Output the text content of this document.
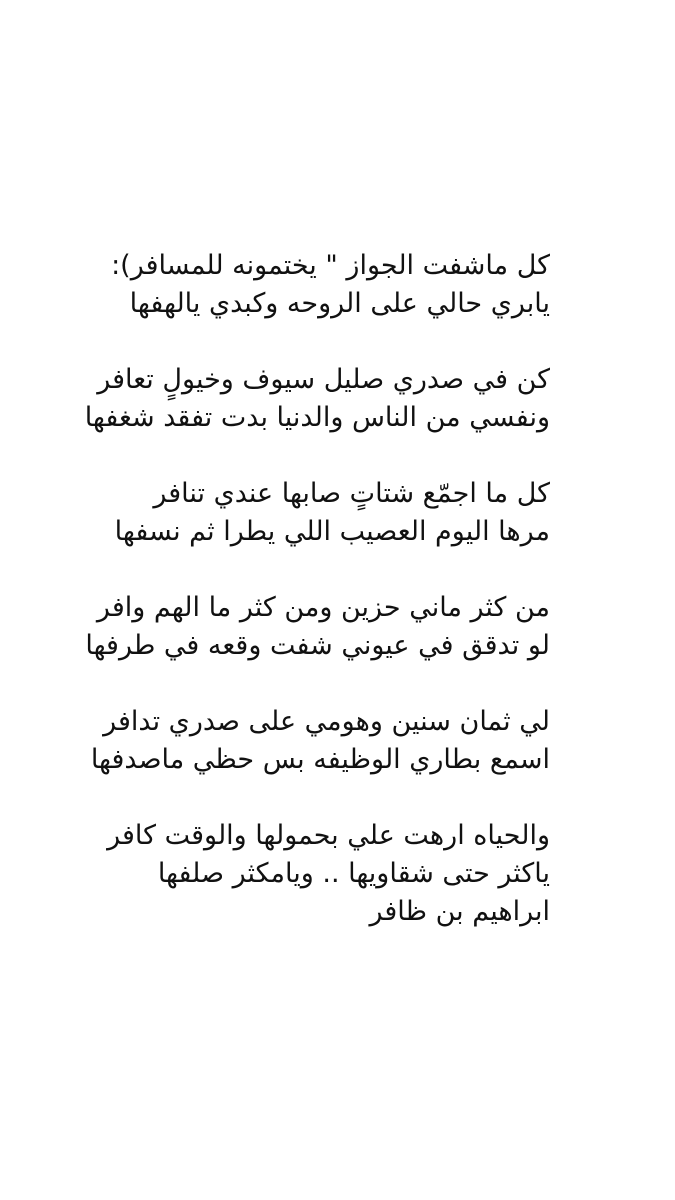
كل ماشفت الجواز " يختمونه للمسافر):
يابري حالي على الروحه وكبدي يالهفها
كن في صدري صليل سيوف وخيولٍ تعافر
ونفسي من الناس والدنيا بدت تفقد شغفها
كل ما اجمّع شتاتٍ صابها عندي تنافر
مرها اليوم العصيب اللي يطرا ثم نسفها
من كثر ماني حزين ومن كثر ما الهم وافر
لو تدقق في عيوني شفت وقعه في طرفها
لي ثمان سنين وهومي على صدري تدافر
اسمع بطاري الوظيفه بس حظي ماصدفها
والحياه ارهت علي بحمولها والوقت كافر
ياكثر حتى شقاويها .. ويامكثر صلفها
ابراهيم بن ظافر
